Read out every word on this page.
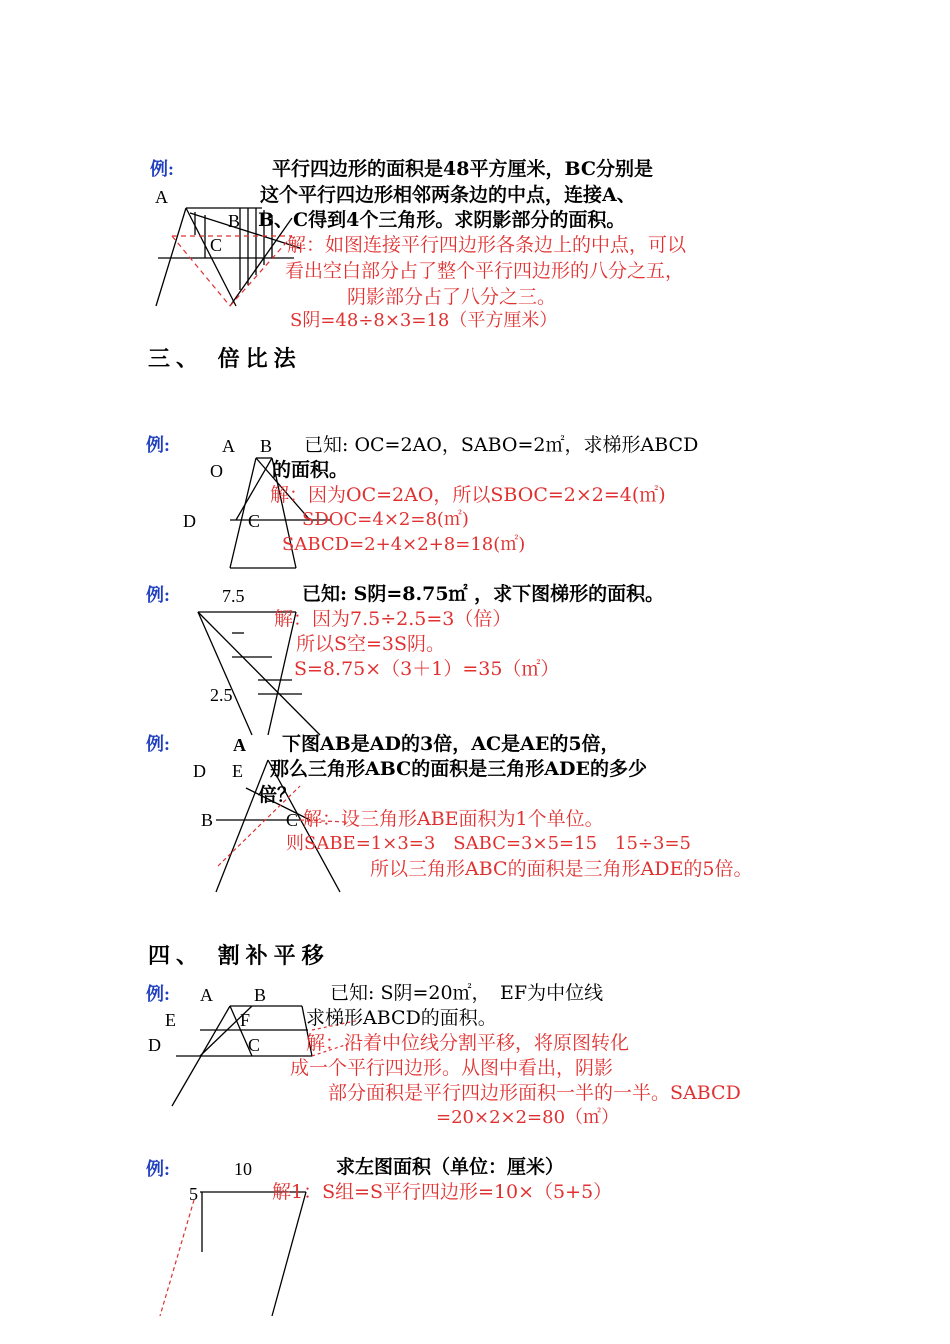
例:	平行四边形的面积是48平方厘米，BC分别是
这个平行四边形相邻两条边的中点，连接A、
B、C得到4个三角形。求阴影部分的面积。
A
B
C	解：如图连接平行四边形各条边上的中点，可以
看出空白部分占了整个平行四边形的八分之五，
阴影部分占了八分之三。
S阴=48÷8×3=18（平方厘米）
三、 倍比法
例:	A B 已知: OC=2AO，SABO=2㎡，求梯形ABCD
O	的面积。
解：因为OC=2AO，所以SBOC=2×2=4(㎡)
D	C SDOC=4×2=8(㎡)
SABCD=2+4×2+8=18(㎡)
例:	7.5	已知: S阴=8.75㎡ ，求下图梯形的面积。
解：因为7.5÷2.5=3（倍）
所以S空=3S阴。
S=8.75×（3＋1）=35（㎡）
2.5
例:	A 下图AB是AD的3倍，AC是AE的5倍，
D E 那么三角形ABC的面积是三角形ADE的多少
倍？
B	C 解：设三角形ABE面积为1个单位。
则SABE=1×3=3　SABC=3×5=15　15÷3=5
所以三角形ABC的面积是三角形ADE的5倍。
四、 割补平移
例: A B	已知: S阴=20㎡，　EF为中位线
E	F	求梯形ABCD的面积。
D	C 解：沿着中位线分割平移，将原图转化
成一个平行四边形。从图中看出，阴影
部分面积是平行四边形面积一半的一半。SABCD
=20×2×2=80（㎡）
例:	10	求左图面积（单位：厘米）
5	解1：S组=S平行四边形=10×（5+5）
